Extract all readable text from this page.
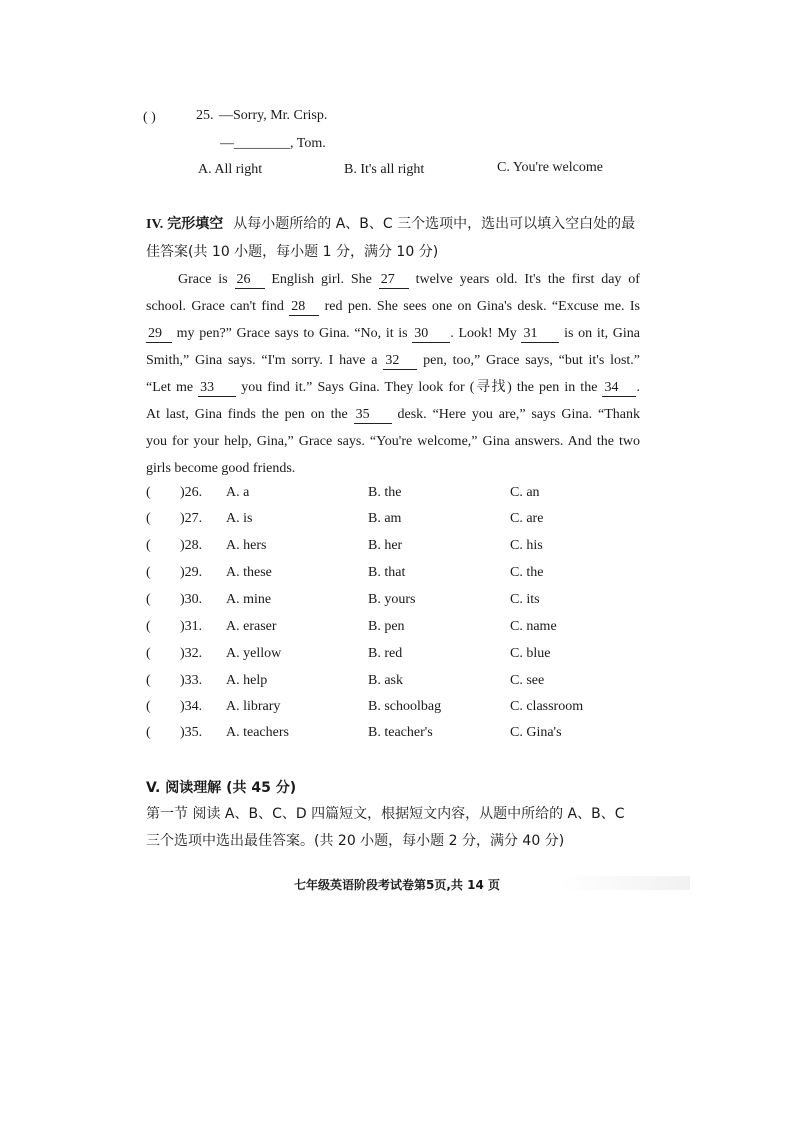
( )	25. —Sorry, Mr. Crisp.
—________, Tom.
A. All right	B. It's all right	C. You're welcome
IV. 完形填空 从每小题所给的 A、B、C 三个选项中，选出可以填入空白处的最
佳答案(共 10 小题，每小题 1 分，满分 10 分)
Grace is 26 English girl. She 27 twelve years old. It's the first day of
school. Grace can't find 28 red pen. She sees one on Gina's desk. “Excuse me. Is
29 my pen?” Grace says to Gina. “No, it is 30 . Look! My 31 is on it, Gina
Smith,” Gina says. “I'm sorry. I have a 32 pen, too,” Grace says, “but it's lost.”
“Let me 33 you find it.” Says Gina. They look for (寻找) the pen in the 34 .
At last, Gina finds the pen on the 35 desk. “Here you are,” says Gina. “Thank
you for your help, Gina,” Grace says. “You're welcome,” Gina answers. And the two
girls become good friends.
( )26. A. a	B. the	C. an
( )27. A. is	B. am	C. are
( )28. A. hers	B. her	C. his
( )29. A. these	B. that	C. the
( )30. A. mine	B. yours	C. its
( )31. A. eraser	B. pen	C. name
( )32. A. yellow	B. red	C. blue
( )33. A. help	B. ask	C. see
( )34. A. library	B. schoolbag	C. classroom
( )35. A. teachers	B. teacher's	C. Gina's
V. 阅读理解 (共 45 分)
第一节 阅读 A、B、C、D 四篇短文，根据短文内容，从题中所给的 A、B、C
三个选项中选出最佳答案。(共 20 小题，每小题 2 分，满分 40 分)
七年级英语阶段考试卷第5页,共 14 页
